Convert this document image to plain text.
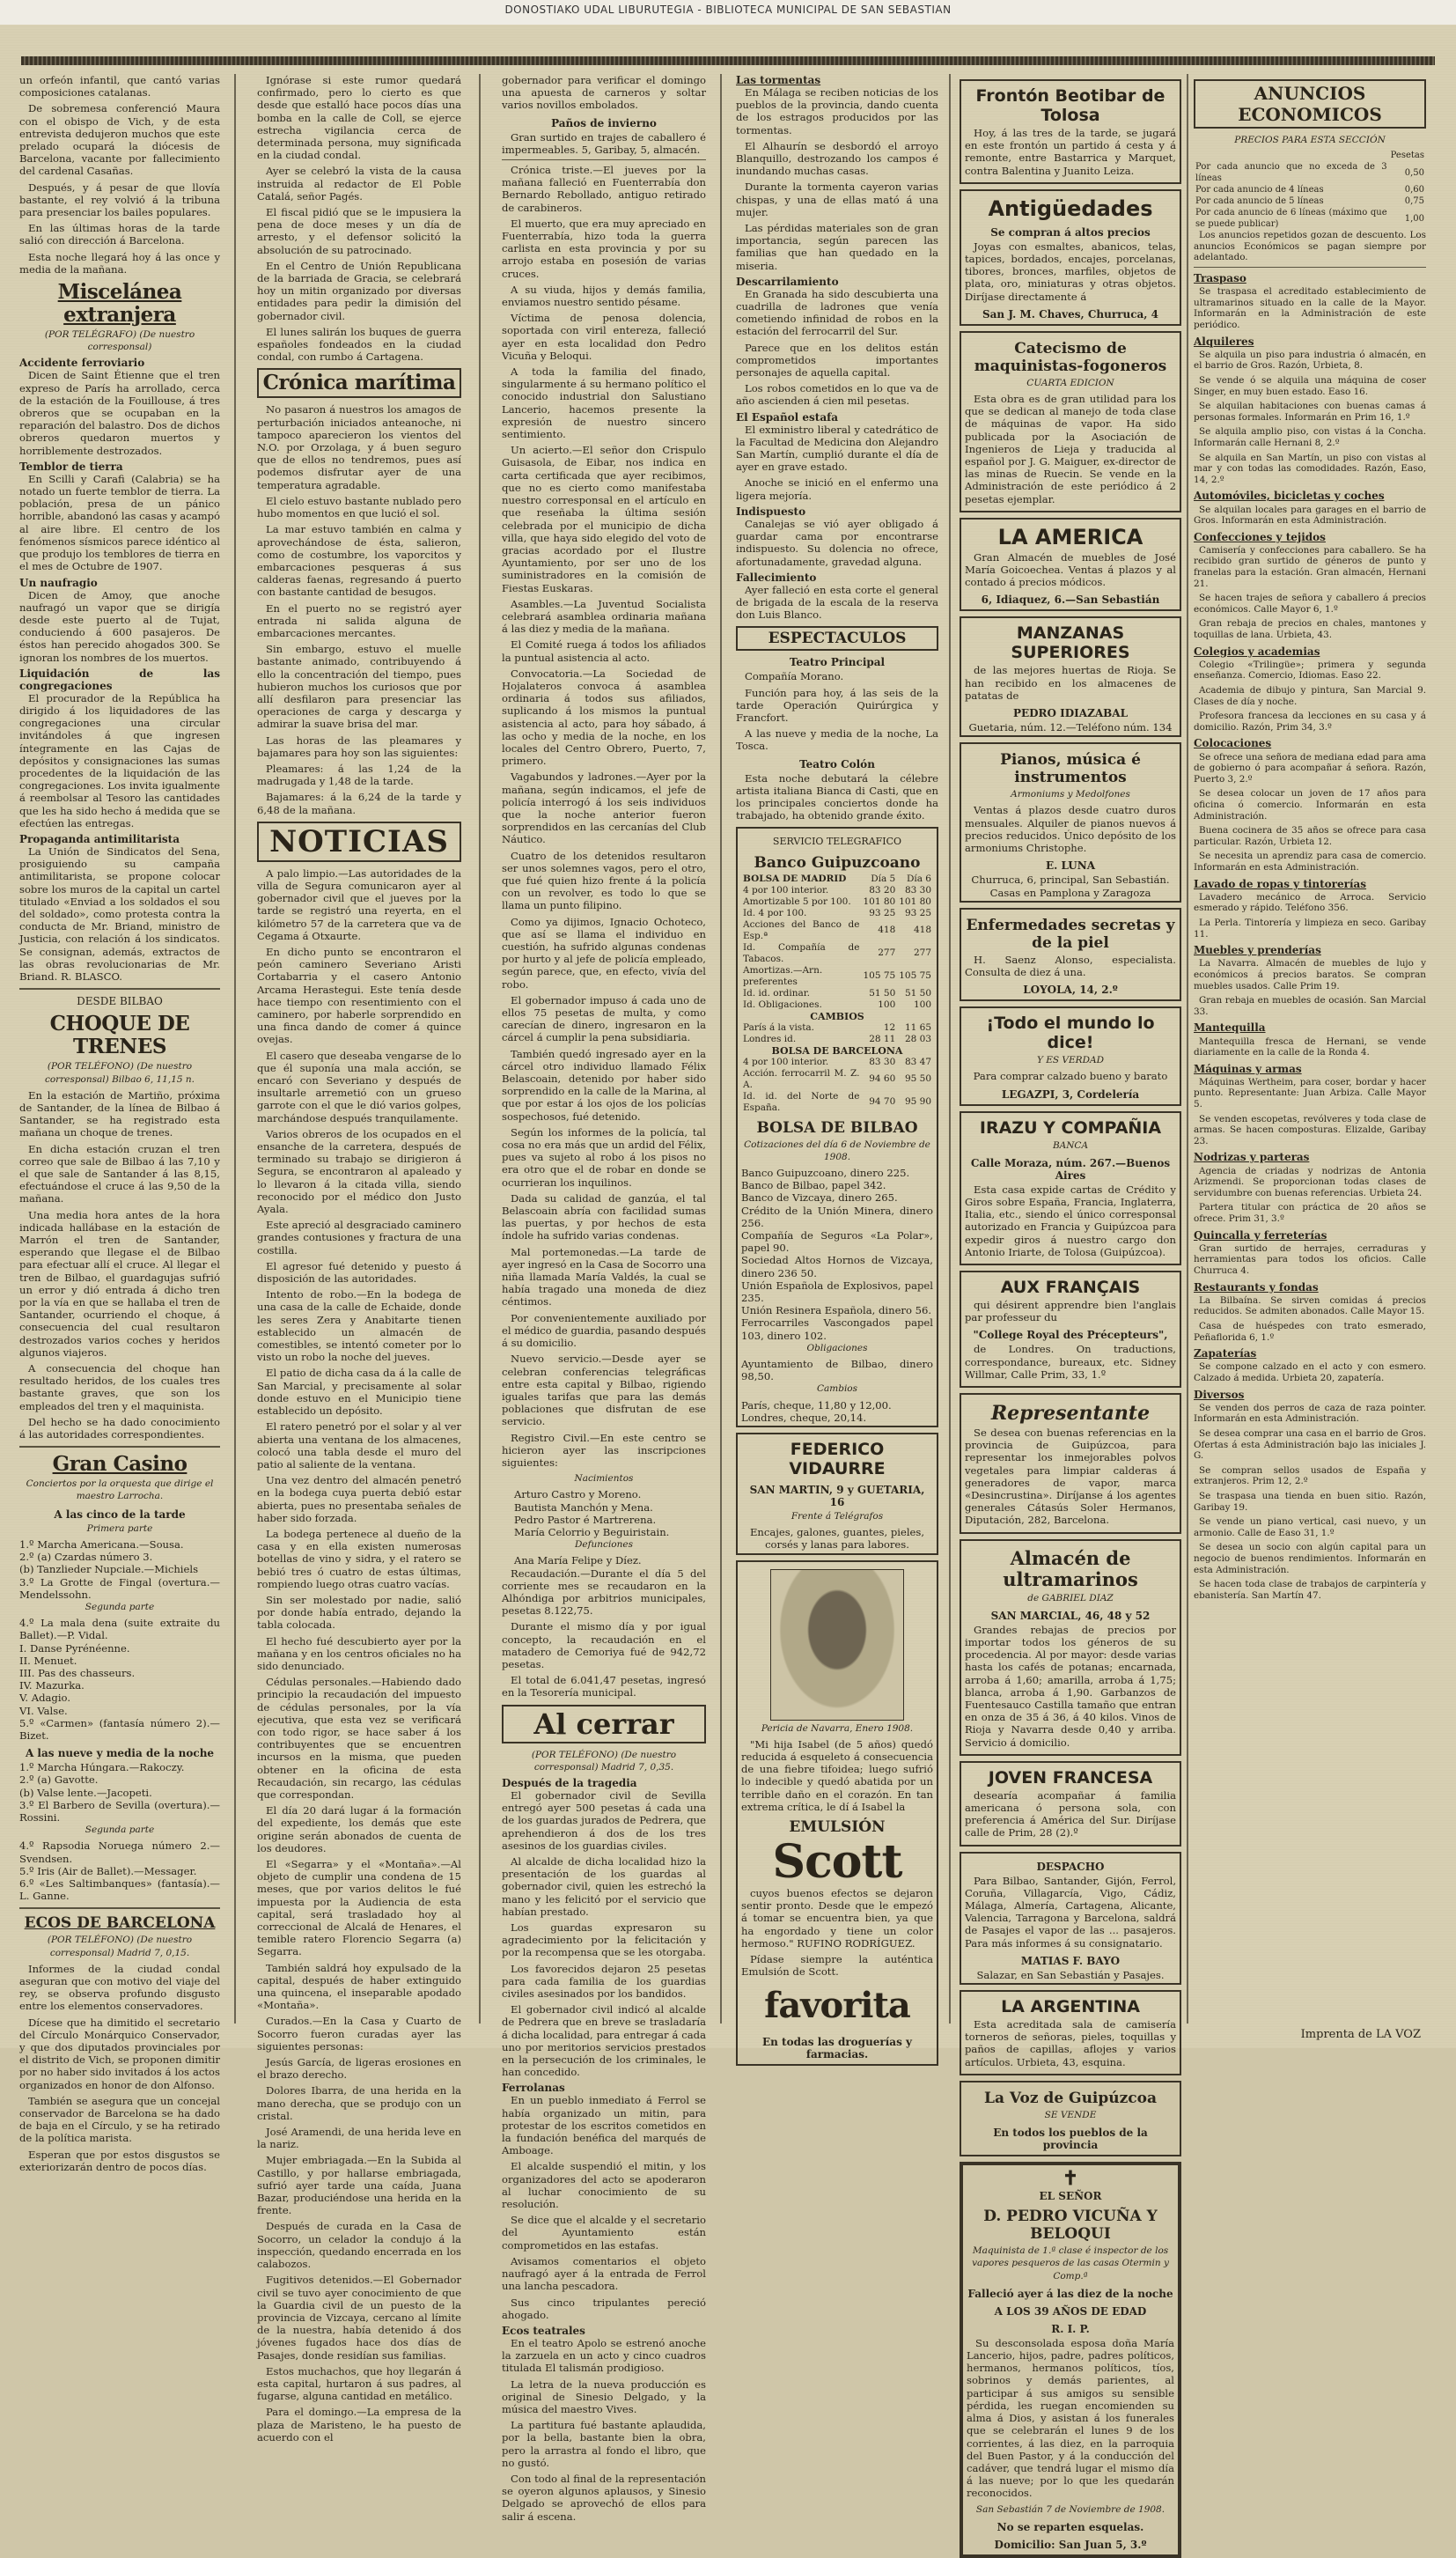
DONOSTIAKO UDAL LIBURUTEGIA - BIBLIOTECA MUNICIPAL DE SAN SEBASTIAN

un orfeón infantil, que cantó varias composiciones catalanas.

De sobremesa conferenció Maura con el obispo de Vich, y de esta entrevista dedujeron muchos que este prelado ocupará la diócesis de Barcelona, vacante por fallecimiento del cardenal Casañas.

Después, y á pesar de que llovía bastante, el rey volvió á la tribuna para presenciar los bailes populares.

En las últimas horas de la tarde salió con dirección á Barcelona.

Esta noche llegará hoy á las once y media de la mañana.

Miscelánea extranjera
(POR TELÉGRAFO) (De nuestro corresponsal)
Accidente ferroviario

Dicen de Saint Étienne que el tren expreso de París ha arrollado, cerca de la estación de la Fouillouse, á tres obreros que se ocupaban en la reparación del balastro. Dos de dichos obreros quedaron muertos y horriblemente destrozados.

Temblor de tierra

En Scilli y Carafi (Calabria) se ha notado un fuerte temblor de tierra. La población, presa de un pánico horrible, abandonó las casas y acampó al aire libre. El centro de los fenómenos sísmicos parece idéntico al que produjo los temblores de tierra en el mes de Octubre de 1907.

Un naufragio

Dicen de Amoy, que anoche naufragó un vapor que se dirigía desde este puerto al de Tujat, conduciendo á 600 pasajeros. De éstos han perecido ahogados 300. Se ignoran los nombres de los muertos.

Liquidación de las congregaciones

El procurador de la República ha dirigido á los liquidadores de las congregaciones una circular invitándoles á que ingresen íntegramente en las Cajas de depósitos y consignaciones las sumas procedentes de la liquidación de las congregaciones. Los invita igualmente á reembolsar al Tesoro las cantidades que les ha sido hecho á medida que se efectúen las entregas.

Propaganda antimilitarista

La Unión de Sindicatos del Sena, prosiguiendo su campaña antimilitarista, se propone colocar sobre los muros de la capital un cartel titulado «Enviad a los soldados el sou del soldado», como protesta contra la conducta de Mr. Briand, ministro de Justicia, con relación á los sindicatos. Se consignan, además, extractos de las obras revolucionarias de Mr. Briand. R. BLASCO.

DESDE BILBAO
CHOQUE DE TRENES
(POR TELÉFONO) (De nuestro corresponsal) Bilbao 6, 11,15 n.

En la estación de Martiño, próxima de Santander, de la línea de Bilbao á Santander, se ha registrado esta mañana un choque de trenes.

En dicha estación cruzan el tren correo que sale de Bilbao á las 7,10 y el que sale de Santander á las 8,15, efectuándose el cruce á las 9,50 de la mañana.

Una media hora antes de la hora indicada hallábase en la estación de Marrón el tren de Santander, esperando que llegase el de Bilbao para efectuar allí el cruce. Al llegar el tren de Bilbao, el guardagujas sufrió un error y dió entrada á dicho tren por la vía en que se hallaba el tren de Santander, ocurriendo el choque, á consecuencia del cual resultaron destrozados varios coches y heridos algunos viajeros.

A consecuencia del choque han resultado heridos, de los cuales tres bastante graves, que son los empleados del tren y el maquinista.

Del hecho se ha dado conocimiento á las autoridades correspondientes.

Gran Casino
Conciertos por la orquesta que dirige el maestro Larrocha.
A las cinco de la tarde
Primera parte
1.º Marcha Americana.—Sousa.
2.º (a) Czardas número 3.
(b) Tanzlieder Nupciale.—Michiels
3.º La Grotte de Fingal (overtura.—Mendelssohn.
Segunda parte
4.º La mala dena (suite extraite du Ballet).—P. Vidal.
I. Danse Pyrénéenne.
II. Menuet.
III. Pas des chasseurs.
IV. Mazurka.
V. Adagio.
VI. Valse.
5.º «Carmen» (fantasía número 2).—Bizet.
A las nueve y media de la noche
1.º Marcha Húngara.—Rakoczy.
2.º (a) Gavotte.
(b) Valse lente.—Jacopeti.
3.º El Barbero de Sevilla (overtura).—Rossini.
Segunda parte
4.º Rapsodia Noruega número 2.—Svendsen.
5.º Iris (Air de Ballet).—Messager.
6.º «Les Saltimbanques» (fantasía).—L. Ganne.
ECOS DE BARCELONA
(POR TELÉFONO) (De nuestro corresponsal) Madrid 7, 0,15.

Informes de la ciudad condal aseguran que con motivo del viaje del rey, se observa profundo disgusto entre los elementos conservadores.

Dícese que ha dimitido el secretario del Círculo Monárquico Conservador, y que dos diputados provinciales por el distrito de Vich, se proponen dimitir por no haber sido invitados á los actos organizados en honor de don Alfonso.

También se asegura que un concejal conservador de Barcelona se ha dado de baja en el Círculo, y se ha retirado de la política marista.

Esperan que por estos disgustos se exteriorizarán dentro de pocos días.

Ignórase si este rumor quedará confirmado, pero lo cierto es que desde que estalló hace pocos días una bomba en la calle de Coll, se ejerce estrecha vigilancia cerca de determinada persona, muy significada en la ciudad condal.

Ayer se celebró la vista de la causa instruida al redactor de El Poble Catalá, señor Pagés.

El fiscal pidió que se le impusiera la pena de doce meses y un día de arresto, y el defensor solicitó la absolución de su patrocinado.

En el Centro de Unión Republicana de la barriada de Gracia, se celebrará hoy un mitin organizado por diversas entidades para pedir la dimisión del gobernador civil.

El lunes salirán los buques de guerra españoles fondeados en la ciudad condal, con rumbo á Cartagena.

Crónica marítima

No pasaron á nuestros los amagos de perturbación iniciados anteanoche, ni tampoco aparecieron los vientos del N.O. por Orzolaga, y á buen seguro que de ellos no tendremos, pues así podemos disfrutar ayer de una temperatura agradable.

El cielo estuvo bastante nublado pero hubo momentos en que lució el sol.

La mar estuvo también en calma y aprovechándose de ésta, salieron, como de costumbre, los vaporcitos y embarcaciones pesqueras á sus calderas faenas, regresando á puerto con bastante cantidad de besugos.

En el puerto no se registró ayer entrada ni salida alguna de embarcaciones mercantes.

Sin embargo, estuvo el muelle bastante animado, contribuyendo á ello la concentración del tiempo, pues hubieron muchos los curiosos que por allí desfilaron para presenciar las operaciones de carga y descarga y admirar la suave brisa del mar.

Las horas de las pleamares y bajamares para hoy son las siguientes:

Pleamares: á las 1,24 de la madrugada y 1,48 de la tarde.

Bajamares: á la 6,24 de la tarde y 6,48 de la mañana.

NOTICIAS

A palo limpio.—Las autoridades de la villa de Segura comunicaron ayer al gobernador civil que el jueves por la tarde se registró una reyerta, en el kilómetro 57 de la carretera que va de Cegama á Otxaurte.

En dicho punto se encontraron el peón caminero Severiano Aristi Cortabarria y el casero Antonio Arcama Herastegui. Este tenía desde hace tiempo con resentimiento con el caminero, por haberle sorprendido en una finca dando de comer á quince ovejas.

El casero que deseaba vengarse de lo que él suponía una mala acción, se encaró con Severiano y después de insultarle arremetió con un grueso garrote con el que le dió varios golpes, marchándose después tranquilamente.

Varios obreros de los ocupados en el ensanche de la carretera, después de terminado su trabajo se dirigieron á Segura, se encontraron al apaleado y lo llevaron á la citada villa, siendo reconocido por el médico don Justo Ayala.

Este apreció al desgraciado caminero grandes contusiones y fractura de una costilla.

El agresor fué detenido y puesto á disposición de las autoridades.

Intento de robo.—En la bodega de una casa de la calle de Echaide, donde les seres Zera y Anabitarte tienen establecido un almacén de comestibles, se intentó cometer por lo visto un robo la noche del jueves.

El patio de dicha casa da á la calle de San Marcial, y precisamente al solar donde estuvo en el Municipio tiene establecido un depósito.

El ratero penetró por el solar y al ver abierta una ventana de los almacenes, colocó una tabla desde el muro del patio al saliente de la ventana.

Una vez dentro del almacén penetró en la bodega cuya puerta debió estar abierta, pues no presentaba señales de haber sido forzada.

La bodega pertenece al dueño de la casa y en ella existen numerosas botellas de vino y sidra, y el ratero se bebió tres ó cuatro de estas últimas, rompiendo luego otras cuatro vacías.

Sin ser molestado por nadie, salió por donde había entrado, dejando la tabla colocada.

El hecho fué descubierto ayer por la mañana y en los centros oficiales no ha sido denunciado.

Cédulas personales.—Habiendo dado principio la recaudación del impuesto de cédulas personales, por la vía ejecutiva, que esta vez se verificará con todo rigor, se hace saber á los contribuyentes que se encuentren incursos en la misma, que pueden obtener en la oficina de esta Recaudación, sin recargo, las cédulas que correspondan.

El día 20 dará lugar á la formación del expediente, los demás que este origine serán abonados de cuenta de los deudores.

El «Segarra» y el «Montaña».—Al objeto de cumplir una condena de 15 meses, que por varios delitos le fué impuesta por la Audiencia de esta capital, será trasladado hoy al correccional de Alcalá de Henares, el temible ratero Florencio Segarra (a) Segarra.

También saldrá hoy expulsado de la capital, después de haber extinguido una quincena, el inseparable apodado «Montaña».

Curados.—En la Casa y Cuarto de Socorro fueron curadas ayer las siguientes personas:

Jesús García, de ligeras erosiones en el brazo derecho.

Dolores Ibarra, de una herida en la mano derecha, que se produjo con un cristal.

José Aramendi, de una herida leve en la nariz.

Mujer embriagada.—En la Subida al Castillo, y por hallarse embriagada, sufrió ayer tarde una caída, Juana Bazar, produciéndose una herida en la frente.

Después de curada en la Casa de Socorro, un celador la condujo á la inspección, quedando encerrada en los calabozos.

Fugitivos detenidos.—El Gobernador civil se tuvo ayer conocimiento de que la Guardia civil de un puesto de la provincia de Vizcaya, cercano al límite de la nuestra, había detenido á dos jóvenes fugados hace dos días de Pasajes, donde residían sus familias.

Estos muchachos, que hoy llegarán á esta capital, hurtaron á sus padres, al fugarse, alguna cantidad en metálico.

Para el domingo.—La empresa de la plaza de Maristeno, le ha puesto de acuerdo con el

gobernador para verificar el domingo una apuesta de carneros y soltar varios novillos embolados.

Paños de invierno

Gran surtido en trajes de caballero é impermeables. 5, Garibay, 5, almacén.

Crónica triste.—El jueves por la mañana falleció en Fuenterrabía don Bernardo Rebollado, antiguo retirado de carabineros.

El muerto, que era muy apreciado en Fuenterrabía, hizo toda la guerra carlista en esta provincia y por su arrojo estaba en posesión de varias cruces.

A su viuda, hijos y demás familia, enviamos nuestro sentido pésame.

Víctima de penosa dolencia, soportada con viril entereza, falleció ayer en esta localidad don Pedro Vicuña y Beloqui.

A toda la familia del finado, singularmente á su hermano político el conocido industrial don Salustiano Lancerio, hacemos presente la expresión de nuestro sincero sentimiento.

Un acierto.—El señor don Crispulo Guisasola, de Eibar, nos indica en carta certificada que ayer recibimos, que no es cierto como manifestaba nuestro corresponsal en el artículo en que reseñaba la última sesión celebrada por el municipio de dicha villa, que haya sido elegido del voto de gracias acordado por el Ilustre Ayuntamiento, por ser uno de los suministradores en la comisión de Fiestas Euskaras.

Asambles.—La Juventud Socialista celebrará asamblea ordinaria mañana á las diez y media de la mañana.

El Comité ruega á todos los afiliados la puntual asistencia al acto.

Convocatoria.—La Sociedad de Hojalateros convoca á asamblea ordinaria á todos sus afiliados, suplicando á los mismos la puntual asistencia al acto, para hoy sábado, á las ocho y media de la noche, en los locales del Centro Obrero, Puerto, 7, primero.

Vagabundos y ladrones.—Ayer por la mañana, según indicamos, el jefe de policía interrogó á los seis individuos que la noche anterior fueron sorprendidos en las cercanías del Club Náutico.

Cuatro de los detenidos resultaron ser unos solemnes vagos, pero el otro, que fué quien hizo frente á la policía con un revolver, es todo lo que se llama un punto filipino.

Como ya dijimos, Ignacio Ochoteco, que así se llama el individuo en cuestión, ha sufrido algunas condenas por hurto y al jefe de policía empleado, según parece, que, en efecto, vivía del robo.

El gobernador impuso á cada uno de ellos 75 pesetas de multa, y como carecían de dinero, ingresaron en la cárcel á cumplir la pena subsidiaria.

También quedó ingresado ayer en la cárcel otro individuo llamado Félix Belascoain, detenido por haber sido sorprendido en la calle de la Marina, al que por estar á los ojos de los policías sospechosos, fué detenido.

Según los informes de la policía, tal cosa no era más que un ardid del Félix, pues va sujeto al robo á los pisos no era otro que el de robar en donde se ocurrieran los inquilinos.

Dada su calidad de ganzúa, el tal Belascoain abría con facilidad sumas las puertas, y por hechos de esta índole ha sufrido varias condenas.

Mal portemonedas.—La tarde de ayer ingresó en la Casa de Socorro una niña llamada María Valdés, la cual se había tragado una moneda de diez céntimos.

Por convenientemente auxiliado por el médico de guardia, pasando después á su domicilio.

Nuevo servicio.—Desde ayer se celebran conferencias telegráficas entre esta capital y Bilbao, rigiendo iguales tarifas que para las demás poblaciones que disfrutan de ese servicio.

Registro Civil.—En este centro se hicieron ayer las inscripciones siguientes:

Nacimientos
Arturo Castro y Moreno.
Bautista Manchón y Mena.
Pedro Pastor é Martrerena.
María Celorrio y Beguiristain.
Defunciones
Ana María Felipe y Díez.

Recaudación.—Durante el día 5 del corriente mes se recaudaron en la Alhóndiga por arbitrios municipales, pesetas 8.122,75.

Durante el mismo día y por igual concepto, la recaudación en el matadero de Cemoriya fué de 942,72 pesetas.

El total de 6.041,47 pesetas, ingresó en la Tesorería municipal.

Al cerrar
(POR TELÉFONO) (De nuestro corresponsal) Madrid 7, 0,35.
Después de la tragedia

El gobernador civil de Sevilla entregó ayer 500 pesetas á cada una de los guardas jurados de Pedrera, que aprehendieron á dos de los tres asesinos de los guardias civiles.

Al alcalde de dicha localidad hizo la presentación de los guardas al gobernador civil, quien les estrechó la mano y les felicitó por el servicio que habían prestado.

Los guardas expresaron su agradecimiento por la felicitación y por la recompensa que se les otorgaba.

Los favorecidos dejaron 25 pesetas para cada familia de los guardias civiles asesinados por los bandidos.

El gobernador civil indicó al alcalde de Pedrera que en breve se trasladaría á dicha localidad, para entregar á cada uno por meritorios servicios prestados en la persecución de los criminales, le han concedido.

Ferrolanas

En un pueblo inmediato á Ferrol se había organizado un mitin, para protestar de los escritos cometidos en la fundación benéfica del marqués de Amboage.

El alcalde suspendió el mitin, y los organizadores del acto se apoderaron al luchar conocimiento de su resolución.

Se dice que el alcalde y el secretario del Ayuntamiento están comprometidos en las estafas.

Avisamos comentarios el objeto naufragó ayer á la entrada de Ferrol una lancha pescadora.

Sus cinco tripulantes pereció ahogado.

Ecos teatrales

En el teatro Apolo se estrenó anoche la zarzuela en un acto y cinco cuadros titulada El talismán prodigioso.

La letra de la nueva producción es original de Sinesio Delgado, y la música del maestro Vives.

La partitura fué bastante aplaudida, por la bella, bastante bien la obra, pero la arrastra al fondo el libro, que no gustó.

Con todo al final de la representación se oyeron algunos aplausos, y Sinesio Delgado se aprovechó de ellos para salir á escena.

Las tormentas

En Málaga se reciben noticias de los pueblos de la provincia, dando cuenta de los estragos producidos por las tormentas.

El Alhaurín se desbordó el arroyo Blanquillo, destrozando los campos é inundando muchas casas.

Durante la tormenta cayeron varias chispas, y una de ellas mató á una mujer.

Las pérdidas materiales son de gran importancia, según parecen las familias que han quedado en la miseria.

Descarrilamiento

En Granada ha sido descubierta una cuadrilla de ladrones que venía cometiendo infinidad de robos en la estación del ferrocarril del Sur.

Parece que en los delitos están comprometidos importantes personajes de aquella capital.

Los robos cometidos en lo que va de año ascienden á cien mil pesetas.

El Español estafa

El exministro liberal y catedrático de la Facultad de Medicina don Alejandro San Martín, cumplió durante el día de ayer en grave estado.

Anoche se inició en el enfermo una ligera mejoría.

Indispuesto

Canalejas se vió ayer obligado á guardar cama por encontrarse indispuesto. Su dolencia no ofrece, afortunadamente, gravedad alguna.

Fallecimiento

Ayer falleció en esta corte el general de brigada de la escala de la reserva don Luis Blanco.

ESPECTACULOS
Teatro Principal

Compañía Morano.

Función para hoy, á las seis de la tarde Operación Quirúrgica y Francfort.

A las nueve y media de la noche, La Tosca.

Teatro Colón

Esta noche debutará la célebre artista italiana Bianca di Casti, que en los principales conciertos donde ha trabajado, ha obtenido grande éxito.

SERVICIO TELEGRAFICO
Banco Guipuzcoano
BOLSA DE MADRID	Día 5	Día 6
4 por 100 interior.	83 20	83 30
Amortizable 5 por 100.	101 80	101 80
Id. 4 por 100.	93 25	93 25
Acciones del Banco de Esp.ª	418	418
Id. Compañía de Tabacos.	277	277
Amortizas.—Arn. preferentes	105 75	105 75
Id. id. ordinar.	51 50	51 50
Id. Obligaciones.	100	100
CAMBIOS		
París á la vista.	12	11 65
Londres id.	28 11	28 03
BOLSA DE BARCELONA		
4 por 100 interior.	83 30	83 47
Acción. ferrocarril M. Z. A.	94 60	95 50
Id. id. del Norte de España.	94 70	95 90
BOLSA DE BILBAO
Cotizaciones del día 6 de Noviembre de 1908.
Banco Guipuzcoano, dinero 225.
Banco de Bilbao, papel 342.
Banco de Vizcaya, dinero 265.
Crédito de la Unión Minera, dinero 256.
Compañía de Seguros «La Polar», papel 90.
Sociedad Altos Hornos de Vizcaya, dinero 236 50.
Unión Española de Explosivos, papel 235.
Unión Resinera Española, dinero 56.
Ferrocarriles Vascongados papel 103, dinero 102.
Obligaciones
Ayuntamiento de Bilbao, dinero 98,50.
Cambios
París, cheque, 11,80 y 12,00.
Londres, cheque, 20,14.
FEDERICO VIDAURRE
SAN MARTIN, 9 y GUETARIA, 16
Frente á Telégrafos
Encajes, galones, guantes, pieles, corsés y lanas para labores.
Pericia de Navarra, Enero 1908.

"Mi hija Isabel (de 5 años) quedó reducida á esqueleto á consecuencia de una fiebre tifoidea; luego sufrió lo indecible y quedó abatida por un terrible daño en el corazón. En tan extrema crítica, le dí á Isabel la

EMULSIÓN
Scott

cuyos buenos efectos se dejaron sentir pronto. Desde que le empezó á tomar se encuentra bien, ya que ha engordado y tiene un color hermoso." RUFINO RODRÍGUEZ.

Pídase siempre la auténtica Emulsión de Scott.

favorita
En todas las droguerías y farmacias.
Frontón Beotibar de Tolosa

Hoy, á las tres de la tarde, se jugará en este frontón un partido á cesta y á remonte, entre Bastarrica y Marquet, contra Balentina y Juanito Leiza.

Antigüedades
Se compran á altos precios

Joyas con esmaltes, abanicos, telas, tapices, bordados, encajes, porcelanas, tibores, bronces, marfiles, objetos de plata, oro, miniaturas y otras objetos. Diríjase directamente á

San J. M. Chaves, Churruca, 4
Catecismo de maquinistas-fogoneros
CUARTA EDICION

Esta obra es de gran utilidad para los que se dedican al manejo de toda clase de máquinas de vapor. Ha sido publicada por la Asociación de Ingenieros de Lieja y traducida al español por J. G. Maiguer, ex-director de las minas de Ruecin. Se vende en la Administración de este periódico á 2 pesetas ejemplar.

LA AMERICA

Gran Almacén de muebles de José María Goicoechea. Ventas á plazos y al contado á precios módicos.

6, Idiaquez, 6.—San Sebastián
MANZANAS SUPERIORES

de las mejores huertas de Rioja. Se han recibido en los almacenes de patatas de

PEDRO IDIAZABAL
Guetaria, núm. 12.—Teléfono núm. 134
Pianos, música é instrumentos
Armoniums y Medolfones

Ventas á plazos desde cuatro duros mensuales. Alquiler de pianos nuevos á precios reducidos. Único depósito de los armoniums Christophe.

E. LUNA
Churruca, 6, principal, San Sebastián. Casas en Pamplona y Zaragoza
Enfermedades secretas y de la piel

H. Saenz Alonso, especialista. Consulta de diez á una.

LOYOLA, 14, 2.º
¡Todo el mundo lo dice!
Y ES VERDAD
Para comprar calzado bueno y barato
LEGAZPI, 3, Cordelería
IRAZU Y COMPAÑIA
BANCA
Calle Moraza, núm. 267.—Buenos Aires

Esta casa expide cartas de Crédito y Giros sobre España, Francia, Inglaterra, Italia, etc., siendo el único corresponsal autorizado en Francia y Guipúzcoa para expedir giros á nuestro cargo don Antonio Iriarte, de Tolosa (Guipúzcoa).

AUX FRANÇAIS

qui désirent apprendre bien l'anglais par professeur du

"College Royal des Précepteurs",

de Londres. On traductions, correspondance, bureaux, etc. Sidney Willmar, Calle Prim, 33, 1.º

Representante

Se desea con buenas referencias en la provincia de Guipúzcoa, para representar los inmejorables polvos vegetales para limpiar calderas á generadores de vapor, marca «Desincrustina». Diríjanse á los agentes generales Cátasús Soler Hermanos, Diputación, 282, Barcelona.

Almacén de ultramarinos
de GABRIEL DIAZ
SAN MARCIAL, 46, 48 y 52

Grandes rebajas de precios por importar todos los géneros de su procedencia. Al por mayor: desde varias hasta los cafés de potanas; encarnada, arroba á 1,60; amarilla, arroba á 1,75; blanca, arroba á 1,90. Garbanzos de Fuentesauco Castilla tamaño que entran en onza de 35 á 36, á 40 kilos. Vinos de Rioja y Navarra desde 0,40 y arriba. Servicio á domicilio.

JOVEN FRANCESA

desearía acompañar á familia americana ó persona sola, con preferencia á América del Sur. Diríjase calle de Prim, 28 (2).º

DESPACHO

Para Bilbao, Santander, Gijón, Ferrol, Coruña, Villagarcía, Vigo, Cádiz, Málaga, Almería, Cartagena, Alicante, Valencia, Tarragona y Barcelona, saldrá de Pasajes el vapor de las ... pasajeros. Para más informes á su consignatario.

MATIAS F. BAYO
Salazar, en San Sebastián y Pasajes.
LA ARGENTINA

Esta acreditada sala de camisería torneros de señoras, pieles, toquillas y paños de capillas, aflojes y varios artículos. Urbieta, 43, esquina.

La Voz de Guipúzcoa
SE VENDE
En todos los pueblos de la provincia
✝
EL SEÑOR
D. PEDRO VICUÑA Y BELOQUI
Maquinista de 1.ª clase é inspector de los vapores pesqueros de las casas Otermin y Comp.ª
Falleció ayer á las diez de la noche
A LOS 39 AÑOS DE EDAD
R. I. P.

Su desconsolada esposa doña María Lancerio, hijos, padre, padres políticos, hermanos, hermanos políticos, tíos, sobrinos y demás parientes, al participar á sus amigos su sensible pérdida, les ruegan encomienden su alma á Dios, y asistan á los funerales que se celebrarán el lunes 9 de los corrientes, á las diez, en la parroquia del Buen Pastor, y á la conducción del cadáver, que tendrá lugar el mismo día á las nueve; por lo que les quedarán reconocidos.

San Sebastián 7 de Noviembre de 1908.
No se reparten esquelas.
Domicilio: San Juan 5, 3.º
ANUNCIOS ECONOMICOS
PRECIOS PARA ESTA SECCIÓN
	Pesetas
Por cada anuncio que no exceda de 3 líneas	0,50
Por cada anuncio de 4 líneas	0,60
Por cada anuncio de 5 líneas	0,75
Por cada anuncio de 6 líneas (máximo que se puede publicar)	1,00

Los anuncios repetidos gozan de descuento. Los anuncios Económicos se pagan siempre por adelantado.

Traspaso

Se traspasa el acreditado establecimiento de ultramarinos situado en la calle de la Mayor. Informarán en la Administración de este periódico.

Alquileres

Se alquila un piso para industria ó almacén, en el barrio de Gros. Razón, Urbieta, 8.

Se vende ó se alquila una máquina de coser Singer, en muy buen estado. Easo 16.

Se alquilan habitaciones con buenas camas á personas formales. Informarán en Prim 16, 1.º

Se alquila amplio piso, con vistas á la Concha. Informarán calle Hernani 8, 2.º

Se alquila en San Martín, un piso con vistas al mar y con todas las comodidades. Razón, Easo, 14, 2.º

Automóviles, bicicletas y coches

Se alquilan locales para garages en el barrio de Gros. Informarán en esta Administración.

Confecciones y tejidos

Camisería y confecciones para caballero. Se ha recibido gran surtido de géneros de punto y franelas para la estación. Gran almacén, Hernani 21.

Se hacen trajes de señora y caballero á precios económicos. Calle Mayor 6, 1.º

Gran rebaja de precios en chales, mantones y toquillas de lana. Urbieta, 43.

Colegios y academias

Colegio «Trilingüe»; primera y segunda enseñanza. Comercio, Idiomas. Easo 22.

Academia de dibujo y pintura, San Marcial 9. Clases de día y noche.

Profesora francesa da lecciones en su casa y á domicilio. Razón, Prim 34, 3.º

Colocaciones

Se ofrece una señora de mediana edad para ama de gobierno ó para acompañar á señora. Razón, Puerto 3, 2.º

Se desea colocar un joven de 17 años para oficina ó comercio. Informarán en esta Administración.

Buena cocinera de 35 años se ofrece para casa particular. Razón, Urbieta 12.

Se necesita un aprendiz para casa de comercio. Informarán en esta Administración.

Lavado de ropas y tintorerías

Lavadero mecánico de Arroca. Servicio esmerado y rápido. Teléfono 356.

La Perla. Tintorería y limpieza en seco. Garibay 11.

Muebles y prenderías

La Navarra. Almacén de muebles de lujo y económicos á precios baratos. Se compran muebles usados. Calle Prim 19.

Gran rebaja en muebles de ocasión. San Marcial 33.

Mantequilla

Mantequilla fresca de Hernani, se vende diariamente en la calle de la Ronda 4.

Máquinas y armas

Máquinas Wertheim, para coser, bordar y hacer punto. Representante: Juan Arbiza. Calle Mayor 5.

Se venden escopetas, revólveres y toda clase de armas. Se hacen composturas. Elizalde, Garibay 23.

Nodrizas y parteras

Agencia de criadas y nodrizas de Antonia Arizmendi. Se proporcionan todas clases de servidumbre con buenas referencias. Urbieta 24.

Partera titular con práctica de 20 años se ofrece. Prim 31, 3.º

Quincalla y ferreterías

Gran surtido de herrajes, cerraduras y herramientas para todos los oficios. Calle Churruca 4.

Restaurants y fondas

La Bilbaína. Se sirven comidas á precios reducidos. Se admiten abonados. Calle Mayor 15.

Casa de huéspedes con trato esmerado, Peñaflorida 6, 1.º

Zapaterías

Se compone calzado en el acto y con esmero. Calzado á medida. Urbieta 20, zapatería.

Diversos

Se venden dos perros de caza de raza pointer. Informarán en esta Administración.

Se desea comprar una casa en el barrio de Gros. Ofertas á esta Administración bajo las iniciales J. G.

Se compran sellos usados de España y extranjeros. Prim 12, 2.º

Se traspasa una tienda en buen sitio. Razón, Garibay 19.

Se vende un piano vertical, casi nuevo, y un armonio. Calle de Easo 31, 1.º

Se desea un socio con algún capital para un negocio de buenos rendimientos. Informarán en esta Administración.

Se hacen toda clase de trabajos de carpintería y ebanistería. San Martín 47.

Imprenta de LA VOZ
